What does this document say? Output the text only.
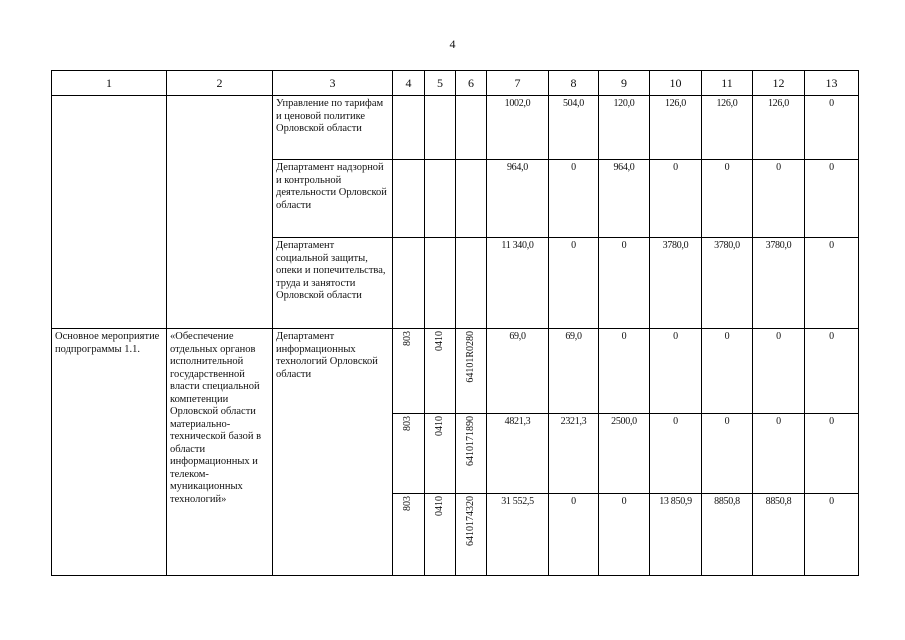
4
1	2	3	4	5	6	7	8	9	10	11	12	13
		Управление по тарифам и ценовой политике Орловской области				1002,0	504,0	120,0	126,0	126,0	126,0	0
		Департамент надзорной и контрольной деятельности Орловской области				964,0	0	964,0	0	0	0	0
		Департамент социальной защиты, опеки и попечительства, труда и занятости Орловской области				11 340,0	0	0	3780,0	3780,0	3780,0	0
Основное мероприятие подпрограммы 1.1.	«Обеспечение отдельных органов исполнительной государственной власти специальной компетенции Орловской области материально-технической базой в области информационных и телеком-муникационных технологий»	Департамент информационных технологий Орловской области	803	0410	64101R0280	69,0	69,0	0	0	0	0	0
			803	0410	6410171890	4821,3	2321,3	2500,0	0	0	0	0
			803	0410	6410174320	31 552,5	0	0	13 850,9	8850,8	8850,8	0
